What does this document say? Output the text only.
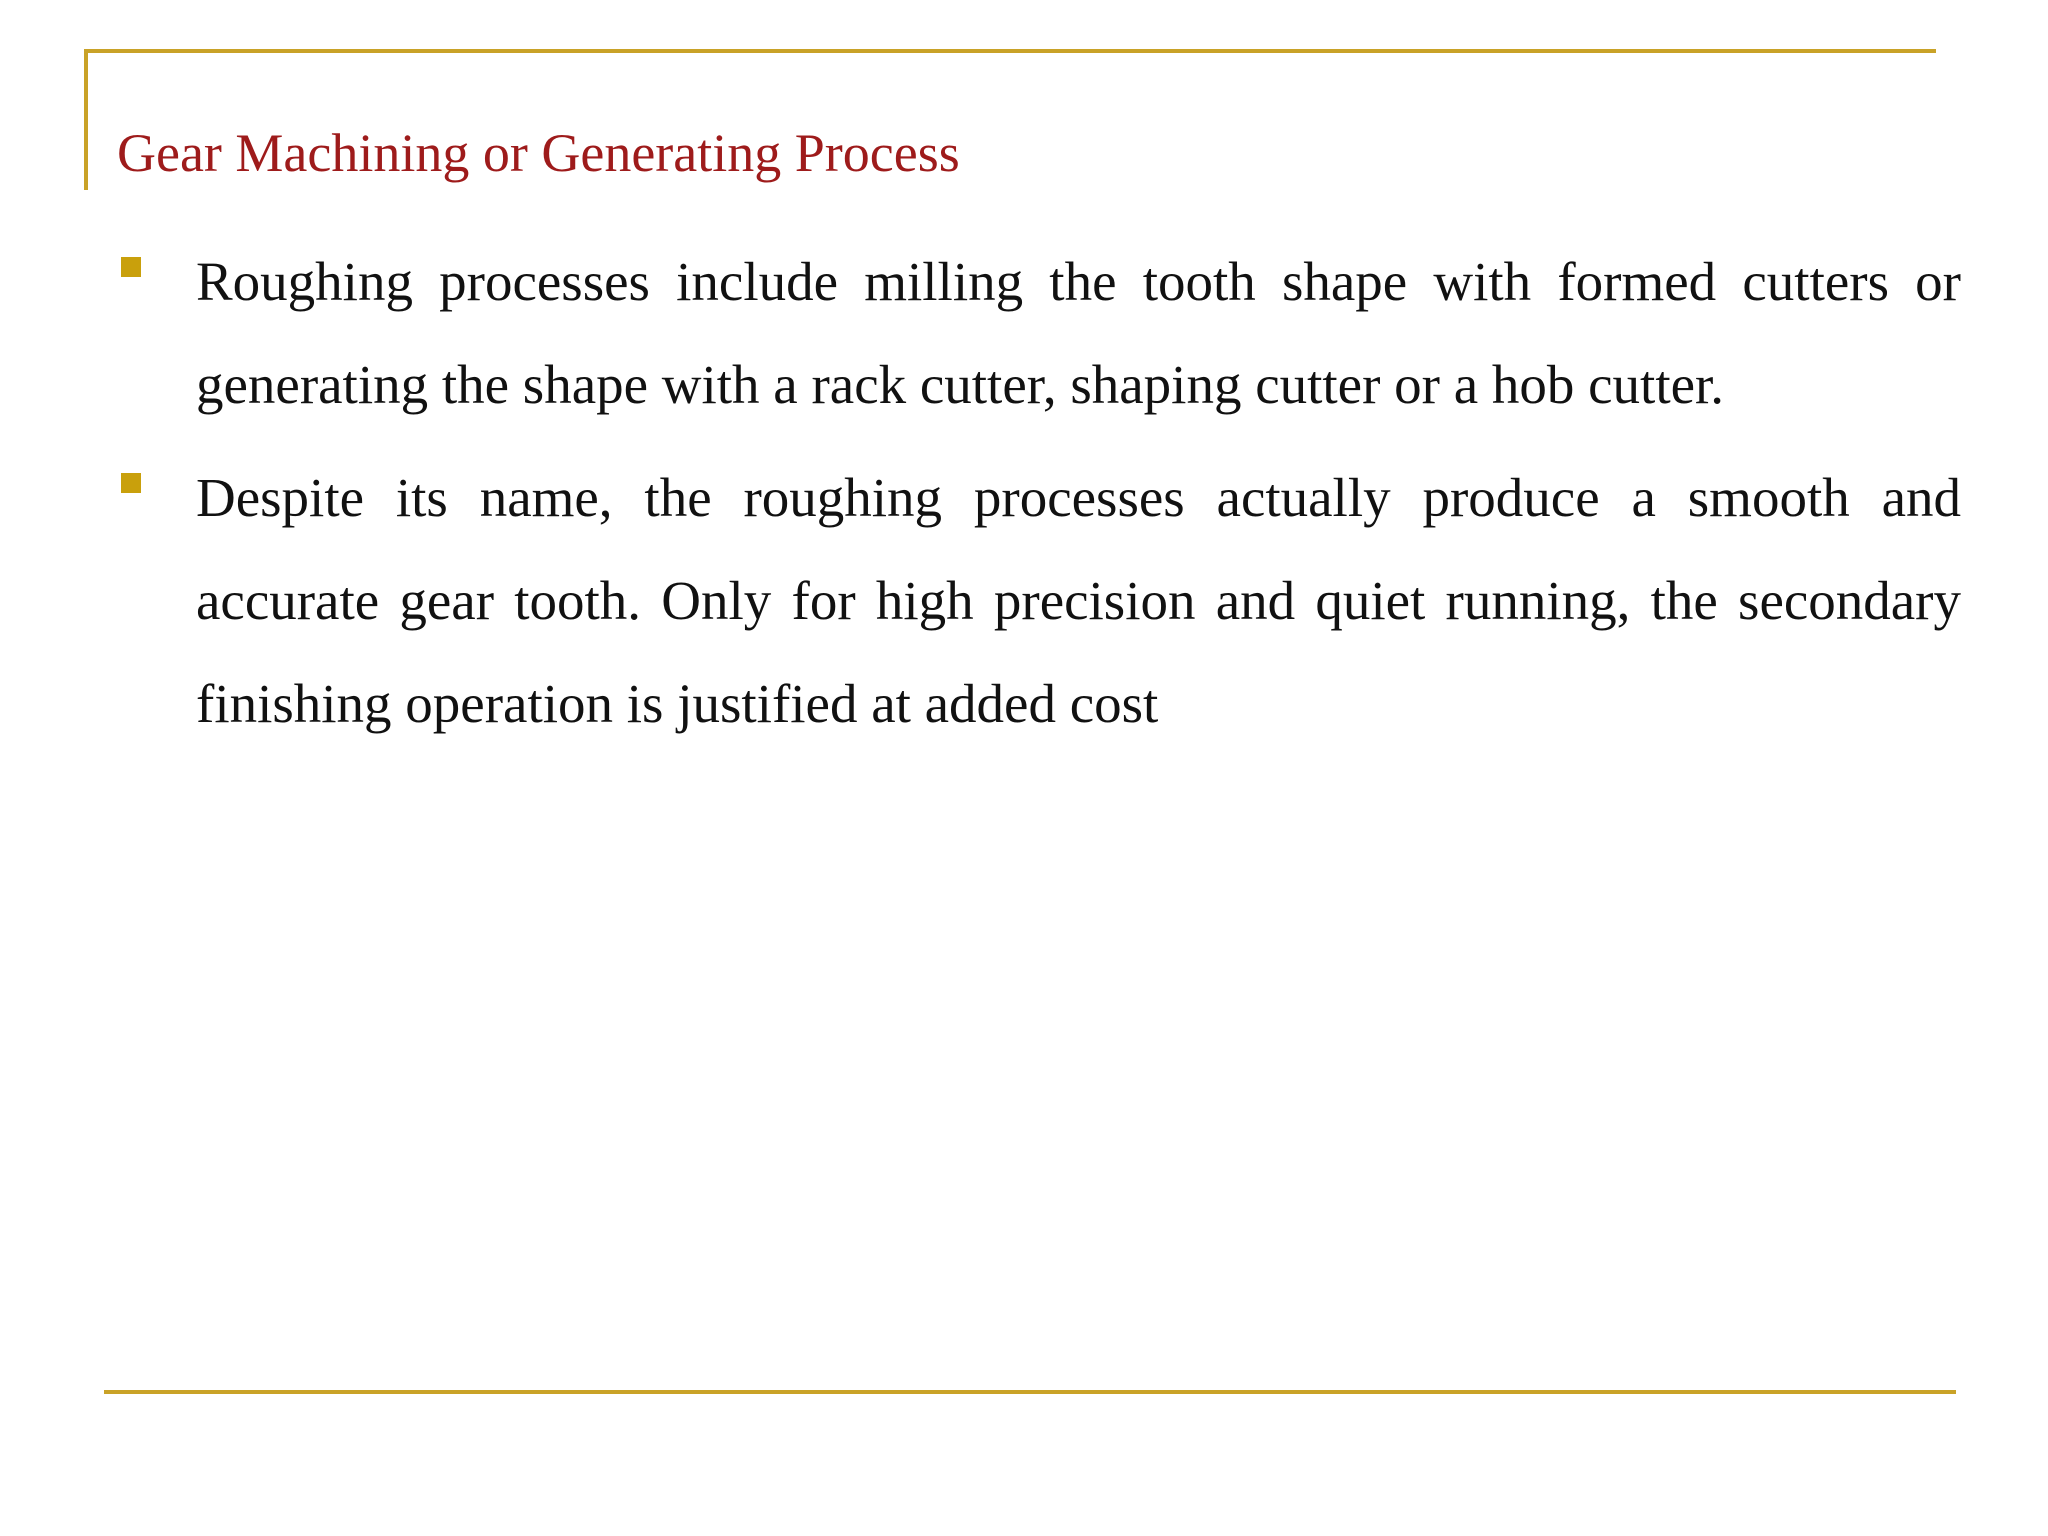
Gear Machining or Generating Process
Roughing processes include milling the tooth shape with formed cutters or generating the shape with a rack cutter, shaping cutter or a hob cutter.
Despite its name, the roughing processes actually produce a smooth and accurate gear tooth. Only for high precision and quiet running, the secondary finishing operation is justified at added cost
